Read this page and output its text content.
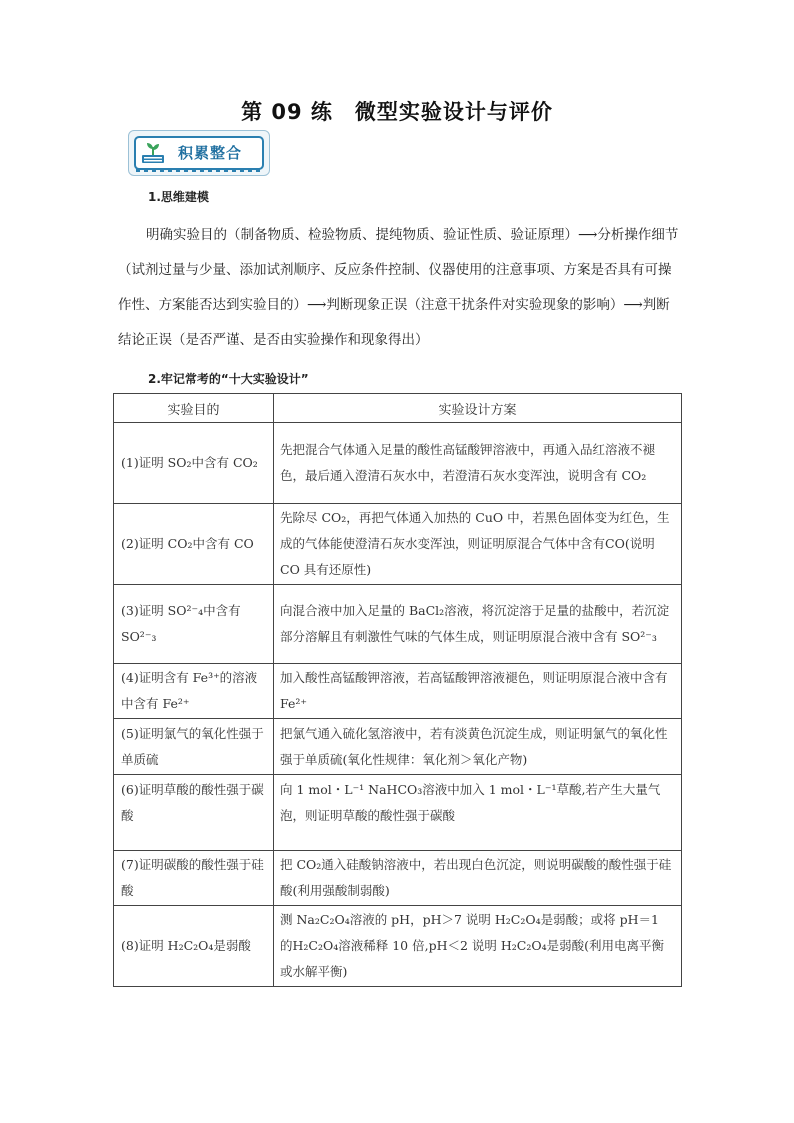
第 09 练　微型实验设计与评价
积累整合
1.思维建模
明确实验目的（制备物质、检验物质、提纯物质、验证性质、验证原理）⟶分析操作细节（试剂过量与少量、添加试剂顺序、反应条件控制、仪器使用的注意事项、方案是否具有可操作性、方案能否达到实验目的）⟶判断现象正误（注意干扰条件对实验现象的影响）⟶判断结论正误（是否严谨、是否由实验操作和现象得出）
2.牢记常考的“十大实验设计”
实验目的	实验设计方案
(1)证明 SO₂中含有 CO₂	先把混合气体通入足量的酸性高锰酸钾溶液中，再通入品红溶液不褪色，最后通入澄清石灰水中，若澄清石灰水变浑浊，说明含有 CO₂
(2)证明 CO₂中含有 CO	先除尽 CO₂，再把气体通入加热的 CuO 中，若黑色固体变为红色，生成的气体能使澄清石灰水变浑浊，则证明原混合气体中含有CO(说明 CO 具有还原性)
(3)证明 SO²⁻₄中含有 SO²⁻₃	向混合液中加入足量的 BaCl₂溶液，将沉淀溶于足量的盐酸中，若沉淀部分溶解且有刺激性气味的气体生成，则证明原混合液中含有 SO²⁻₃
(4)证明含有 Fe³⁺的溶液中含有 Fe²⁺	加入酸性高锰酸钾溶液，若高锰酸钾溶液褪色，则证明原混合液中含有 Fe²⁺
(5)证明氯气的氧化性强于单质硫	把氯气通入硫化氢溶液中，若有淡黄色沉淀生成，则证明氯气的氧化性强于单质硫(氧化性规律：氧化剂＞氧化产物)
(6)证明草酸的酸性强于碳酸	向 1 mol・L⁻¹ NaHCO₃溶液中加入 1 mol・L⁻¹草酸,若产生大量气泡，则证明草酸的酸性强于碳酸
(7)证明碳酸的酸性强于硅酸	把 CO₂通入硅酸钠溶液中，若出现白色沉淀，则说明碳酸的酸性强于硅酸(利用强酸制弱酸)
(8)证明 H₂C₂O₄是弱酸	测 Na₂C₂O₄溶液的 pH，pH＞7 说明 H₂C₂O₄是弱酸；或将 pH＝1 的H₂C₂O₄溶液稀释 10 倍,pH＜2 说明 H₂C₂O₄是弱酸(利用电离平衡或水解平衡)
